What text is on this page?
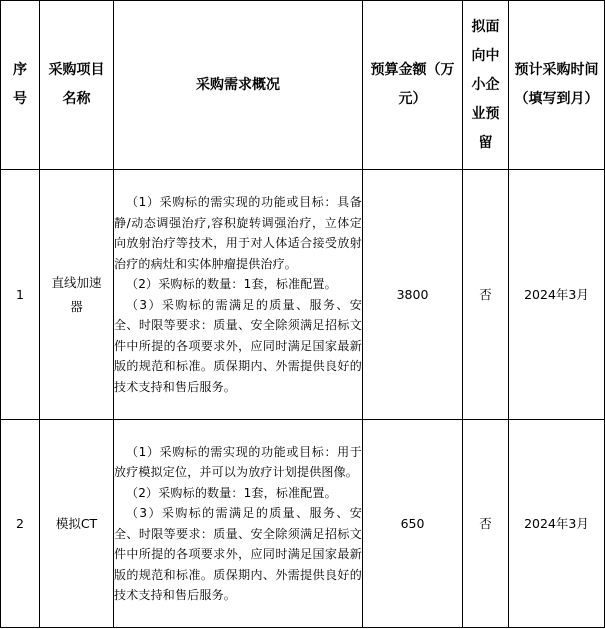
序号	采购项目名称	采购需求概况	预算金额（万元）	拟面向中小企业预留	预计采购时间（填写到月）

1	直线加速器	（1）采购标的需实现的功能或目标：具备静/动态调强治疗,容积旋转调强治疗，立体定向放射治疗等技术，用于对人体适合接受放射治疗的病灶和实体肿瘤提供治疗。

（2）采购标的数量：1套，标准配置。

（3）采购标的需满足的质量、服务、安全、时限等要求：质量、安全除须满足招标文件中所提的各项要求外，应同时满足国家最新版的规范和标准。质保期内、外需提供良好的技术支持和售后服务。	3800	否	2024年3月
2	模拟CT	（1）采购标的需实现的功能或目标：用于放疗模拟定位，并可以为放疗计划提供图像。

（2）采购标的数量：1套，标准配置。

（3）采购标的需满足的质量、服务、安全、时限等要求：质量、安全除须满足招标文件中所提的各项要求外，应同时满足国家最新版的规范和标准。质保期内、外需提供良好的技术支持和售后服务。	650	否	2024年3月
